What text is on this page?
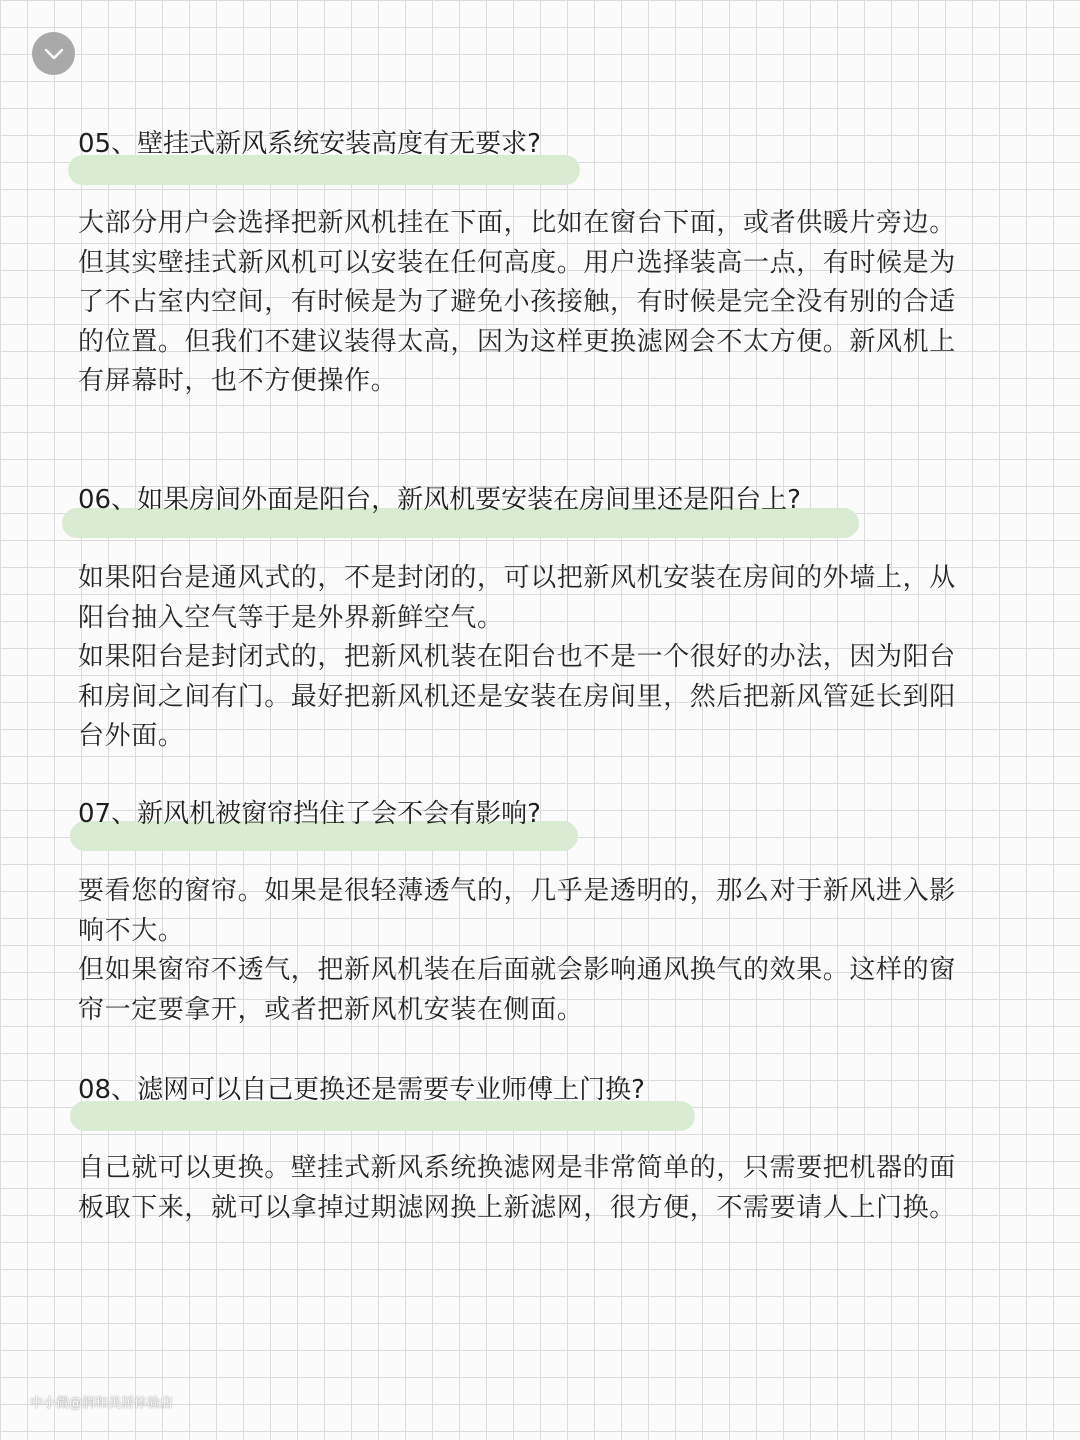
05、壁挂式新风系统安装高度有无要求?

大部分用户会选择把新风机挂在下面，比如在窗台下面，或者供暖片旁边。

但其实壁挂式新风机可以安装在任何高度。用户选择装高一点，有时候是为了不占室内空间，有时候是为了避免小孩接触，有时候是完全没有别的合适的位置。但我们不建议装得太高，因为这样更换滤网会不太方便。新风机上有屏幕时，也不方便操作。

06、如果房间外面是阳台，新风机要安装在房间里还是阳台上?

如果阳台是通风式的，不是封闭的，可以把新风机安装在房间的外墙上，从阳台抽入空气等于是外界新鲜空气。

如果阳台是封闭式的，把新风机装在阳台也不是一个很好的办法，因为阳台和房间之间有门。最好把新风机还是安装在房间里，然后把新风管延长到阳台外面。

07、新风机被窗帘挡住了会不会有影响?

要看您的窗帘。如果是很轻薄透气的，几乎是透明的，那么对于新风进入影响不大。

但如果窗帘不透气，把新风机装在后面就会影响通风换气的效果。这样的窗帘一定要拿开，或者把新风机安装在侧面。

08、滤网可以自己更换还是需要专业师傅上门换?

自己就可以更换。壁挂式新风系统换滤网是非常简单的，只需要把机器的面板取下来，就可以拿掉过期滤网换上新滤网，很方便，不需要请人上门换。

中小微@润和美居体验店
